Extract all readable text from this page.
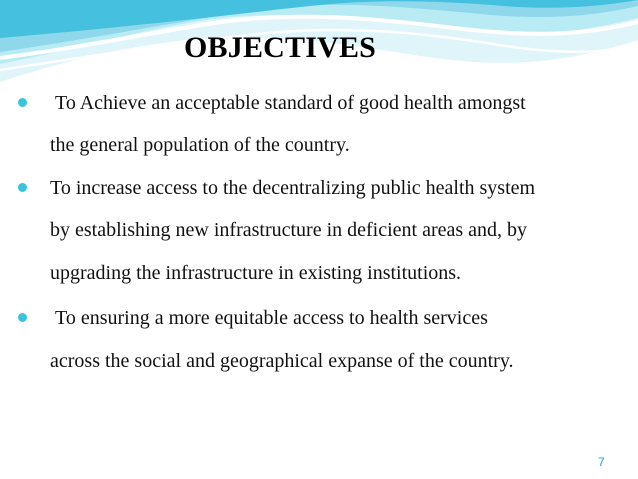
OBJECTIVES
To Achieve an acceptable standard of good health amongst
the general population of the country.
To increase access to the decentralizing public health system
by establishing new infrastructure in deficient areas and, by
upgrading the infrastructure in existing institutions.
To ensuring a more equitable access to health services
across the social and geographical expanse of the country.
7
